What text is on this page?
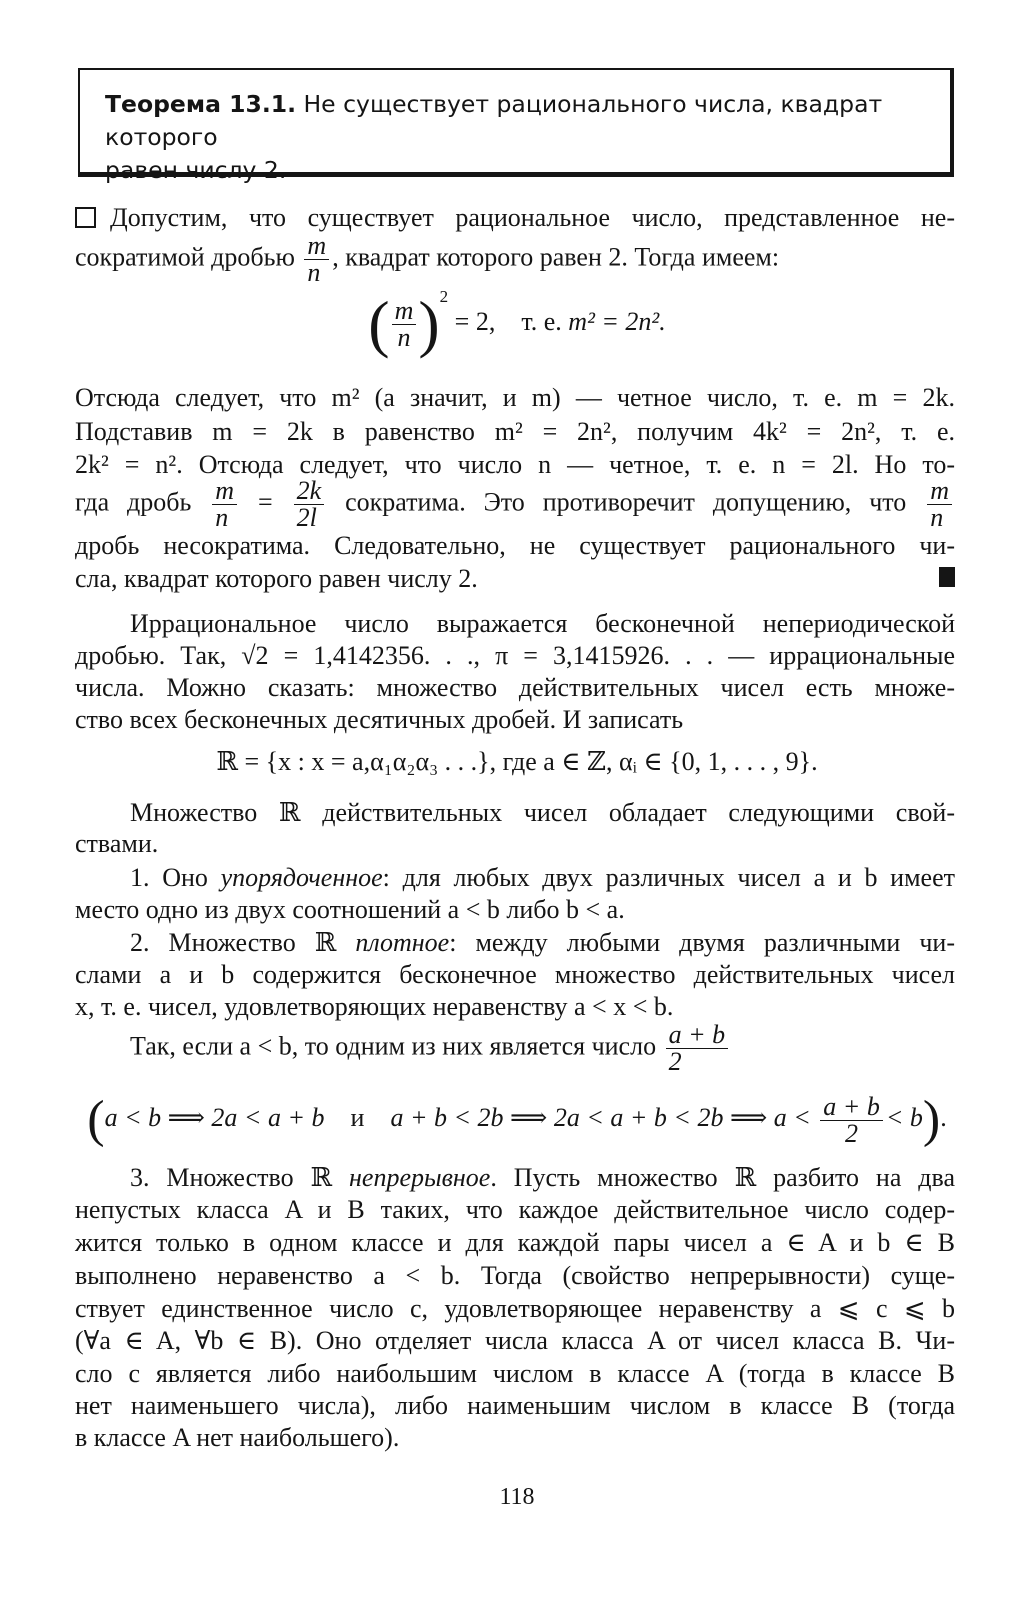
Теорема 13.1. Не существует рационального числа, квадрат которого
равен числу 2.
Допустим, что существует рациональное число, представленное не-
сократимой дробью $\frac{m}{n}$ , квадрат которого равен 2. Тогда имеем:
( $\frac{m}{n} )^2 = 2$, т. е. m² = 2n².
Отсюда следует, что m² (а значит, и m) — четное число, т. е. m = 2k.
Подставив m = 2k в равенство m² = 2n², получим 4k² = 2n², т. е.
2k² = n². Отсюда следует, что число n — четное, т. е. n = 2l. Но то-
гда дробь $\frac{m}{n} = \frac{2k}{2l}$ сократима. Это противоречит допущению, что $\frac{m}{n}$
дробь несократима. Следовательно, не существует рационального чи-
сла, квадрат которого равен числу 2.
Иррациональное число выражается бесконечной непериодической
дробью. Так, √2 = 1,4142356. . ., π = 3,1415926. . . — иррациональные
числа. Можно сказать: множество действительных чисел есть множе-
ство всех бесконечных десятичных дробей. И записать
ℝ = {x : x = a,α₁α₂α₃ . . .}, где a ∈ ℤ, αᵢ ∈ {0, 1, . . . , 9}.
Множество ℝ действительных чисел обладает следующими свой-
ствами.
1. Оно упорядоченное: для любых двух различных чисел a и b имеет
место одно из двух соотношений a < b либо b < a.
2. Множество ℝ плотное: между любыми двумя различными чи-
слами a и b содержится бесконечное множество действительных чисел
x, т. е. чисел, удовлетворяющих неравенству a < x < b.
Так, если a < b, то одним из них является число $\frac{a + b}{2}$
(a < b ⟹ 2a < a + b и a + b < 2b ⟹ 2a < a + b < 2b ⟹ $a < \frac{a + b}{2} < b$).
3. Множество ℝ непрерывное. Пусть множество ℝ разбито на два
непустых класса A и B таких, что каждое действительное число содер-
жится только в одном классе и для каждой пары чисел a ∈ A и b ∈ B
выполнено неравенство a < b. Тогда (свойство непрерывности) суще-
ствует единственное число c, удовлетворяющее неравенству a ⩽ c ⩽ b
(∀a ∈ A, ∀b ∈ B). Оно отделяет числа класса A от чисел класса B. Чи-
сло c является либо наибольшим числом в классе A (тогда в классе B
нет наименьшего числа), либо наименьшим числом в классе B (тогда
в классе A нет наибольшего).
118
